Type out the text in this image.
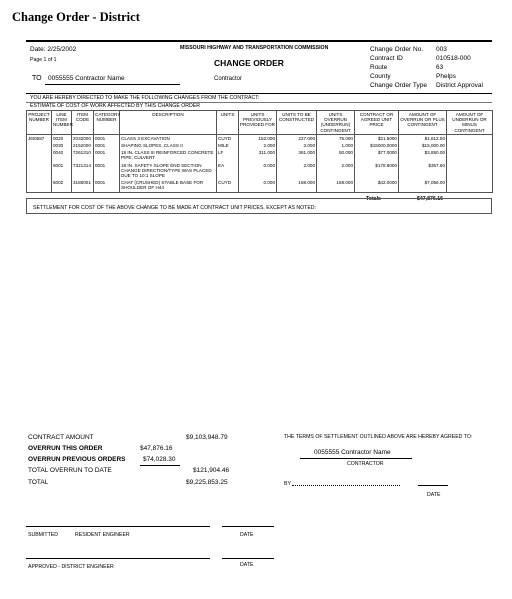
Change Order - District
Date: 2/25/2002
Page 1 of 1
MISSOURI HIGHWAY AND TRANSPORTATION COMMISSION
CHANGE ORDER
TO 0055555 Contractor Name	Contractor
Change Order No.	003
Contract ID	010518-000
Route	63
County	Phelps
Change Order Type	District Approval
YOU ARE HEREBY DIRECTED TO MAKE THE FOLLOWING CHANGES FROM THE CONTRACT:
ESTIMATE OF COST OF WORK AFFECTED BY THIS CHANGE ORDER
PROJECT NUMBER	LINE ITEM NUMBER	ITEM CODE	CATEGORY NUMBER	DESCRIPTION	UNITS	UNITS PREVIOUSLY PROVIDED FOR	UNITS TO BE CONSTRUCTED	UNITS OVERRUN (UNDERRUN) CONTINGENT	CONTRACT OR AGREED UNIT PRICE	AMOUNT OF OVERRUN OR PLUS CONTINGENT	AMOUNT OF UNDERRUN OR MINUS CONTINGENT
J6I0687	0020	2032000	0001	CLASS 3 EXCAVATION	CUYD	152.000	227.000	75.000	$21.5000	$1,612.50	
	0030	2152000	0001	SHAPING SLOPES, CLASS II	MILE	2.000	3.000	1.000	$15000.0000	$15,000.00	
	0040	7261310	0001	18 IN. CLASS III REINFORCED CONCRETE PIPE, CULVERT	LF	311.000	361.000	50.000	$77.0000	$3,850.00	
	5001	7321314	0001	18 IN. SAFETY SLOPE END SECTION CHANGE DIRECTION/TYPE WAS PLACED DUE TO 10:1 SLOPE	EA	0.000	2.000	2.000	$178.8000	$357.60	
	5002	3185001	0001	CHAT (CRUSHED) STABLE BASE FOR SHOULDER OF H44	CUYD	0.000	168.000	168.000	$42.0000	$7,056.00	
Totals	$47,876.16
SETTLEMENT FOR COST OF THE ABOVE CHANGE TO BE MADE AT CONTRACT UNIT PRICES, EXCEPT AS NOTED:
CONTRACT AMOUNT	$9,103,948.79
OVERRUN THIS ORDER	$47,876.16
OVERRUN PREVIOUS ORDERS	$74,028.30
TOTAL OVERRUN TO DATE	$121,904.46
TOTAL	$9,225,853.25
THE TERMS OF SETTLEMENT OUTLINED ABOVE ARE HEREBY AGREED TO:
0055555 Contractor Name
CONTRACTOR
BY
DATE
SUBMITTED	RESIDENT ENGINEER	DATE
APPROVED - DISTRICT ENGINEER	DATE
